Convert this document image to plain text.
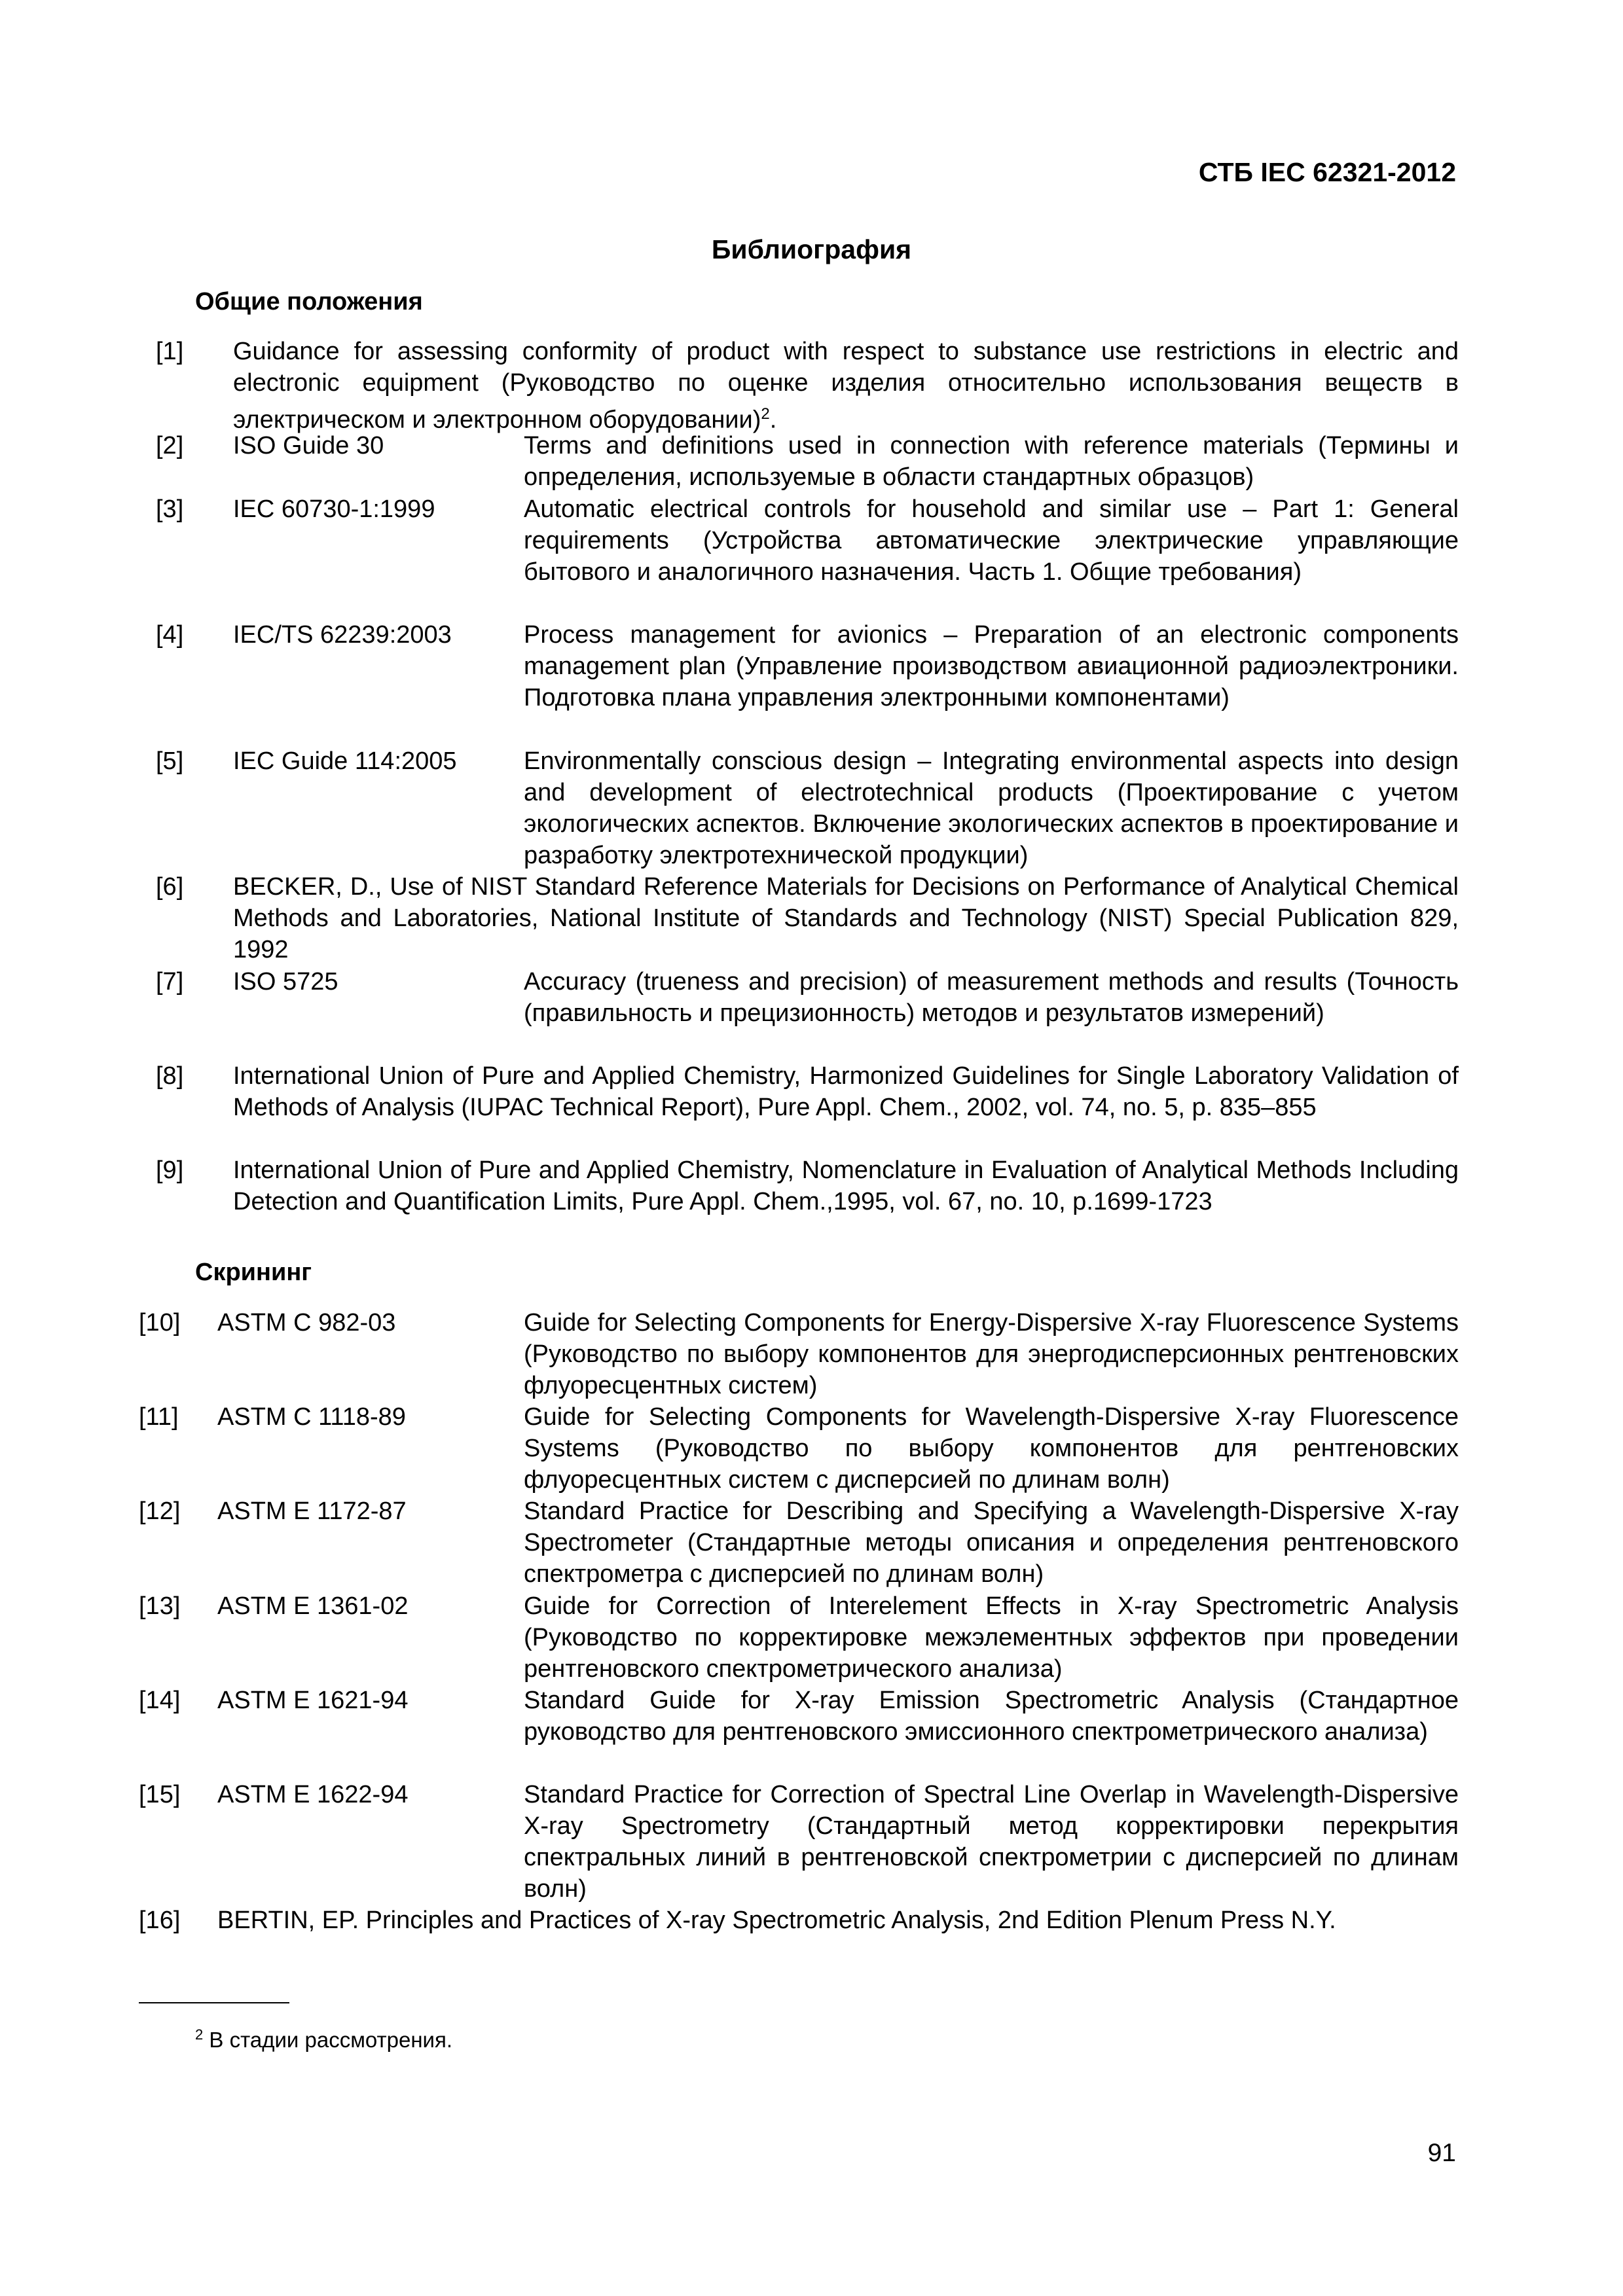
СТБ IEC 62321-2012
Библиография
Общие положения
Скрининг
[1] Guidance for assessing conformity of product with respect to substance use restrictions in electric and electronic equipment (Руководство по оценке изделия относительно использования веществ в электрическом и электронном оборудовании)$^2$.
[2] ISO Guide 30	Terms and definitions used in connection with reference materials (Термины и определения, используемые в области стандартных образцов)
[3] IEC 60730-1:1999	Automatic electrical controls for household and similar use – Part 1: General requirements (Устройства автоматические электрические управляющие бытового и аналогичного назначения. Часть 1. Общие требования)
[4] IEC/TS 62239:2003	Process management for avionics – Preparation of an electronic components management plan (Управление производством авиационной радиоэлектроники. Подготовка плана управления электронными компонентами)
[5] IEC Guide 114:2005	Environmentally conscious design – Integrating environmental aspects into design and development of electrotechnical products (Проектирование с учетом экологических аспектов. Включение экологических аспектов в проектирование и разработку электротехнической продукции)
[6] BECKER, D., Use of NIST Standard Reference Materials for Decisions on Performance of Analytical Chemical Methods and Laboratories, National Institute of Standards and Technology (NIST) Special Publication 829, 1992
[7] ISO 5725	Accuracy (trueness and precision) of measurement methods and results (Точность (правильность и прецизионность) методов и результатов измерений)
[8] International Union of Pure and Applied Chemistry, Harmonized Guidelines for Single Laboratory Validation of Methods of Analysis (IUPAC Technical Report), Pure Appl. Chem., 2002, vol. 74, no. 5, p. 835–855
[9] International Union of Pure and Applied Chemistry, Nomenclature in Evaluation of Analytical Methods Including Detection and Quantification Limits, Pure Appl. Chem.,1995, vol. 67, no. 10, p.1699-1723
[10] ASTM C 982-03	Guide for Selecting Components for Energy-Dispersive X-ray Fluorescence Systems (Руководство по выбору компонентов для энергодисперсионных рентгеновских флуоресцентных систем)
[11] ASTM C 1118-89	Guide for Selecting Components for Wavelength-Dispersive X-ray Fluorescence Systems (Руководство по выбору компонентов для рентгеновских флуоресцентных систем с дисперсией по длинам волн)
[12] ASTM E 1172-87	Standard Practice for Describing and Specifying a Wavelength-Dispersive X-ray Spectrometer (Стандартные методы описания и определения рентгеновского спектрометра с дисперсией по длинам волн)
[13] ASTM E 1361-02	Guide for Correction of Interelement Effects in X-ray Spectrometric Analysis (Руководство по корректировке межэлементных эффектов при проведении рентгеновского спектрометрического анализа)
[14] ASTM E 1621-94	Standard Guide for X-ray Emission Spectrometric Analysis (Стандартное руководство для рентгеновского эмиссионного спектрометрического анализа)
[15] ASTM E 1622-94	Standard Practice for Correction of Spectral Line Overlap in Wavelength-Dispersive X-ray Spectrometry (Стандартный метод корректировки перекрытия спектральных линий в рентгеновской спектрометрии с дисперсией по длинам волн)
[16] BERTIN, EP. Principles and Practices of X-ray Spectrometric Analysis, 2nd Edition Plenum Press N.Y.
$^2$ В стадии рассмотрения.
91
